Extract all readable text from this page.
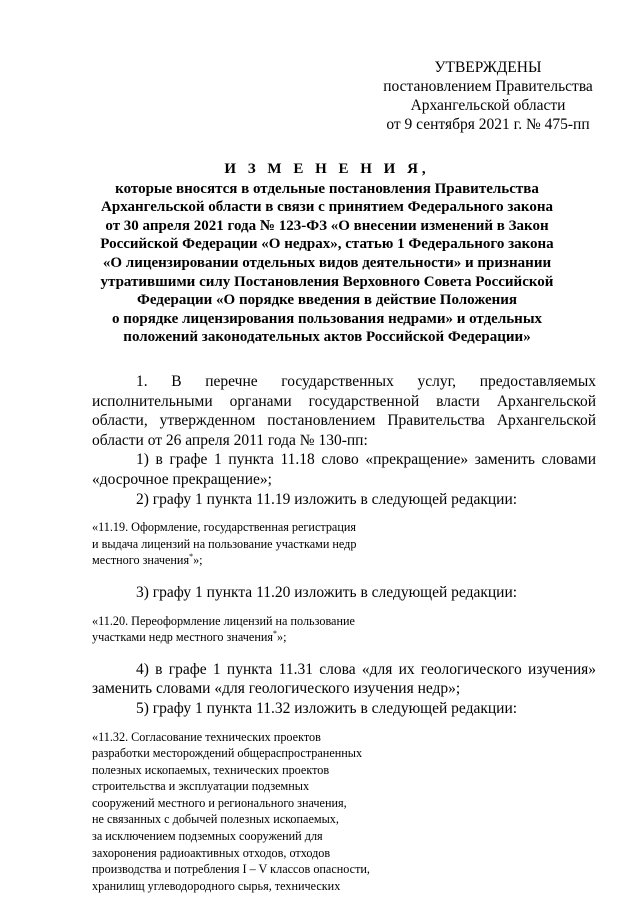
УТВЕРЖДЕНЫ
постановлением Правительства
Архангельской области
от 9 сентября 2021 г. № 475-пп
И З М Е Н Е Н И Я,
которые вносятся в отдельные постановления Правительства
Архангельской области в связи с принятием Федерального закона
от 30 апреля 2021 года № 123-ФЗ «О внесении изменений в Закон
Российской Федерации «О недрах», статью 1 Федерального закона
«О лицензировании отдельных видов деятельности» и признании
утратившими силу Постановления Верховного Совета Российской
Федерации «О порядке введения в действие Положения
о порядке лицензирования пользования недрами» и отдельных
положений законодательных актов Российской Федерации»

1. В перечне государственных услуг, предоставляемых исполнительными органами государственной власти Архангельской области, утвержденном постановлением Правительства Архангельской области от 26 апреля 2011 года № 130-пп:

1) в графе 1 пункта 11.18 слово «прекращение» заменить словами «досрочное прекращение»;

2) графу 1 пункта 11.19 изложить в следующей редакции:

«11.19. Оформление, государственная регистрация
и выдача лицензий на пользование участками недр
местного значения*»;

3) графу 1 пункта 11.20 изложить в следующей редакции:

«11.20. Переоформление лицензий на пользование
участками недр местного значения*»;

4) в графе 1 пункта 11.31 слова «для их геологического изучения» заменить словами «для геологического изучения недр»;

5) графу 1 пункта 11.32 изложить в следующей редакции:

«11.32. Согласование технических проектов
разработки месторождений общераспространенных
полезных ископаемых, технических проектов
строительства и эксплуатации подземных
сооружений местного и регионального значения,
не связанных с добычей полезных ископаемых,
за исключением подземных сооружений для
захоронения радиоактивных отходов, отходов
производства и потребления I – V классов опасности,
хранилищ углеводородного сырья, технических
